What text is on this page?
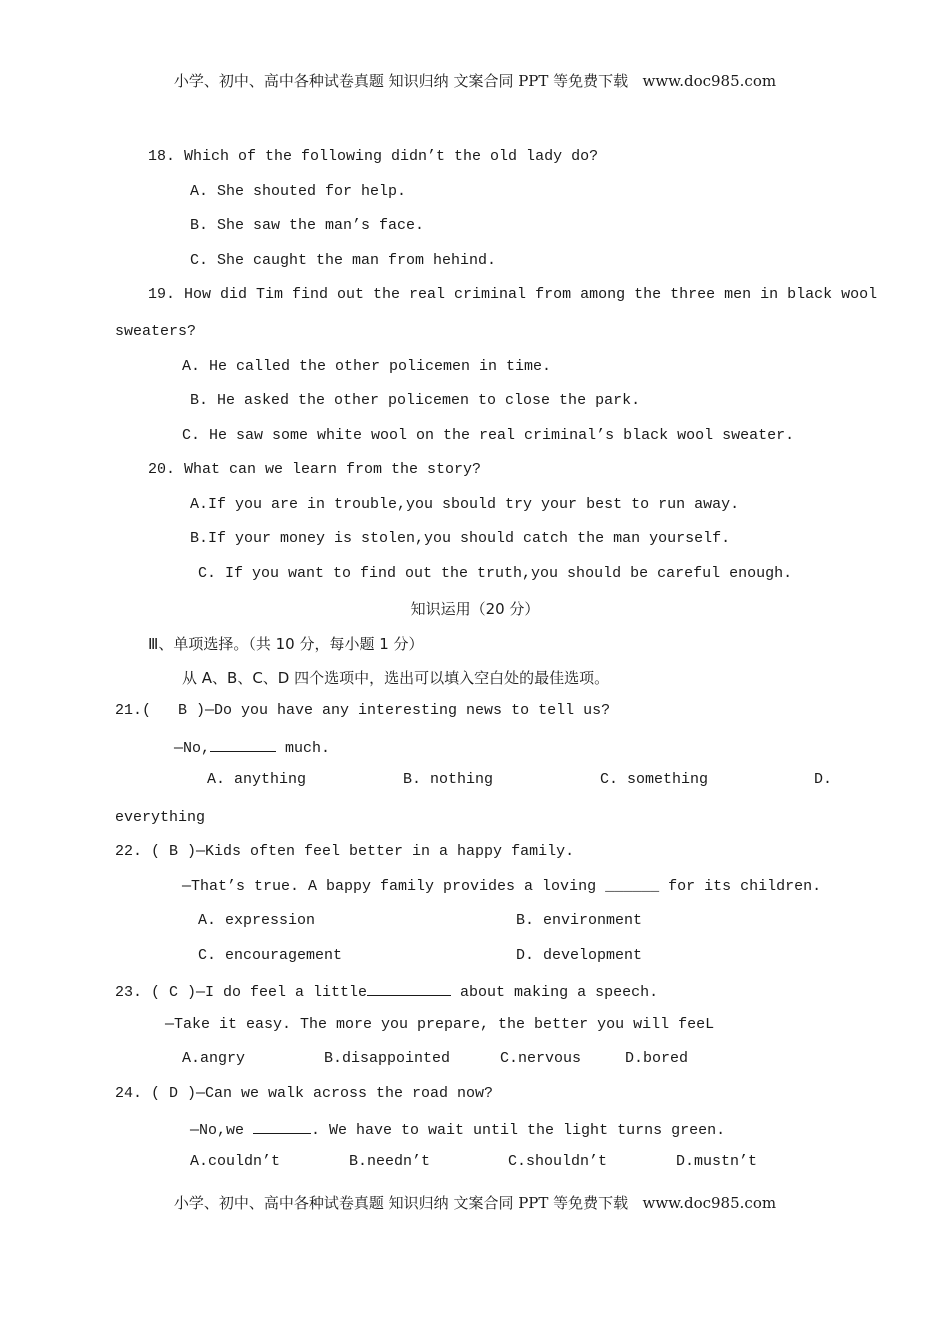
小学、初中、高中各种试卷真题 知识归纳 文案合同 PPT 等免费下载   www.doc985.com
18. Which of the following didn’t the old lady do?
A. She shouted for help.
B. She saw the man’s face.
C. She caught the man from hehind.
19. How did Tim find out the real criminal from among the three men in black wool
sweaters?
A. He called the other policemen in time.
B. He asked the other policemen to close the park.
C. He saw some white wool on the real criminal’s black wool sweater.
20. What can we learn from the story?
A.If you are in trouble,you sbould try your best to run away.
B.If your money is stolen,you should catch the man yourself.
C. If you want to find out the truth,you should be careful enough.
知识运用（20 分）
Ⅲ、单项选择。（共 10 分，每小题 1 分）
从 A、B、C、D 四个选项中，选出可以填入空白处的最佳选项。
21.(   B )—Do you have any interesting news to tell us?
—No,	much.
A. anything	B. nothing	C. something	D.
everything
22. ( B )—Kids often feel better in a happy family.
—That’s true. A bappy family provides a loving ______ for its children.
A. expression	B. environment
C. encouragement	D. development
23. ( C )—I do feel a little	about making a speech.
—Take it easy. The more you prepare, the better you will feeL
A.angry	B.disappointed	C.nervous	D.bored
24. ( D )—Can we walk across the road now?
—No,we	. We have to wait until the light turns green.
A.couldn’t	B.needn’t	C.shouldn’t	D.mustn’t
小学、初中、高中各种试卷真题 知识归纳 文案合同 PPT 等免费下载   www.doc985.com
